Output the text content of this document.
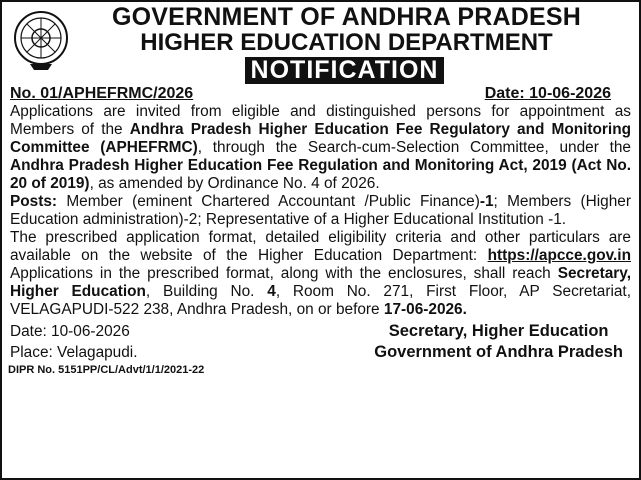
GOVERNMENT OF ANDHRA PRADESH
HIGHER EDUCATION DEPARTMENT
NOTIFICATION
No. 01/APHEFRMC/2026	Date: 10-06-2026

Applications are invited from eligible and distinguished persons for appointment as Members of the Andhra Pradesh Higher Education Fee Regulatory and Monitoring Committee (APHEFRMC), through the Search-cum-Selection Committee, under the Andhra Pradesh Higher Education Fee Regulation and Monitoring Act, 2019 (Act No. 20 of 2019), as amended by Ordinance No. 4 of 2026.

Posts: Member (eminent Chartered Accountant /Public Finance)-1; Members (Higher Education administration)-2; Representative of a Higher Educational Institution -1.

The prescribed application format, detailed eligibility criteria and other particulars are available on the website of the Higher Education Department: https://apcce.gov.in Applications in the prescribed format, along with the enclosures, shall reach Secretary, Higher Education, Building No. 4, Room No. 271, First Floor, AP Secretariat, VELAGAPUDI-522 238, Andhra Pradesh, on or before 17-06-2026.

Date: 10-06-2026
Place: Velagapudi.
Secretary, Higher Education
Government of Andhra Pradesh
DIPR No. 5151PP/CL/Advt/1/1/2021-22
